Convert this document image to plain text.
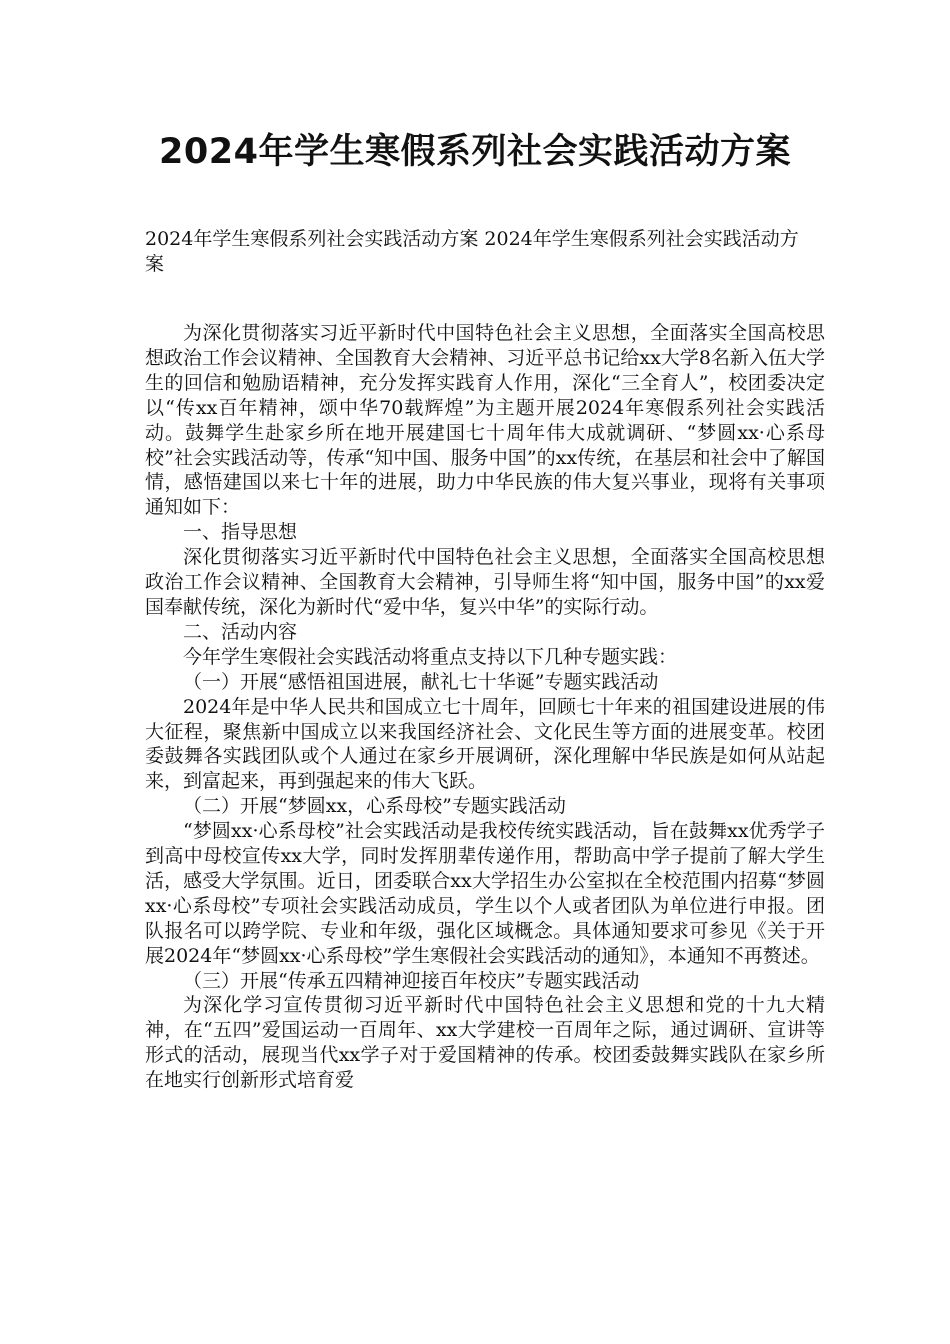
2024年学生寒假系列社会实践活动方案

2024年学生寒假系列社会实践活动方案 2024年学生寒假系列社会实践活动方案

为深化贯彻落实习近平新时代中国特色社会主义思想，全面落实全国高校思想政治工作会议精神、全国教育大会精神、习近平总书记给xx大学8名新入伍大学生的回信和勉励语精神，充分发挥实践育人作用，深化“三全育人”，校团委决定以“传xx百年精神，颂中华70载辉煌”为主题开展2024年寒假系列社会实践活动。鼓舞学生赴家乡所在地开展建国七十周年伟大成就调研、“梦圆xx·心系母校”社会实践活动等，传承“知中国、服务中国”的xx传统，在基层和社会中了解国情，感悟建国以来七十年的进展，助力中华民族的伟大复兴事业，现将有关事项通知如下：

一、指导思想

深化贯彻落实习近平新时代中国特色社会主义思想，全面落实全国高校思想政治工作会议精神、全国教育大会精神，引导师生将“知中国，服务中国”的xx爱国奉献传统，深化为新时代“爱中华，复兴中华”的实际行动。

二、活动内容

今年学生寒假社会实践活动将重点支持以下几种专题实践：

（一）开展“感悟祖国进展，献礼七十华诞”专题实践活动

2024年是中华人民共和国成立七十周年，回顾七十年来的祖国建设进展的伟大征程，聚焦新中国成立以来我国经济社会、文化民生等方面的进展变革。校团委鼓舞各实践团队或个人通过在家乡开展调研，深化理解中华民族是如何从站起来，到富起来，再到强起来的伟大飞跃。

（二）开展“梦圆xx，心系母校”专题实践活动

“梦圆xx·心系母校”社会实践活动是我校传统实践活动，旨在鼓舞xx优秀学子到高中母校宣传xx大学，同时发挥朋辈传递作用，帮助高中学子提前了解大学生活，感受大学氛围。近日，团委联合xx大学招生办公室拟在全校范围内招募“梦圆xx·心系母校”专项社会实践活动成员，学生以个人或者团队为单位进行申报。团队报名可以跨学院、专业和年级，强化区域概念。具体通知要求可参见《关于开展2024年“梦圆xx·心系母校”学生寒假社会实践活动的通知》，本通知不再赘述。

（三）开展“传承五四精神迎接百年校庆”专题实践活动

为深化学习宣传贯彻习近平新时代中国特色社会主义思想和党的十九大精神，在“五四”爱国运动一百周年、xx大学建校一百周年之际，通过调研、宣讲等形式的活动，展现当代xx学子对于爱国精神的传承。校团委鼓舞实践队在家乡所在地实行创新形式培育爱
